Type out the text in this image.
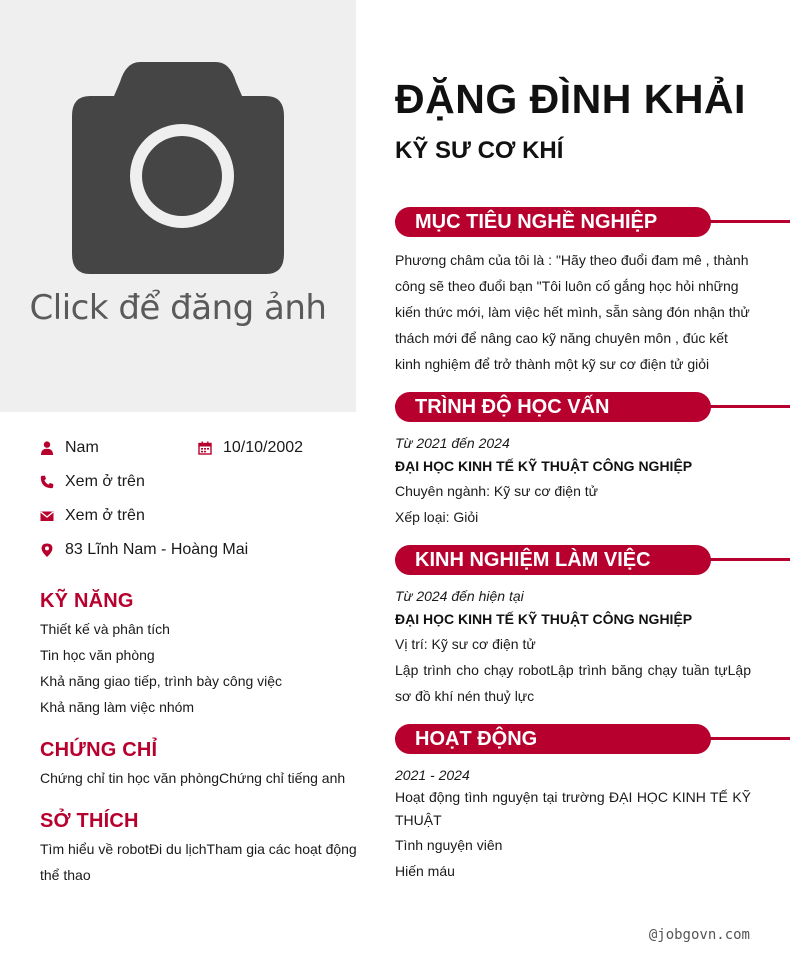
Click để đăng ảnh
Nam	10/10/2002
Xem ở trên
Xem ở trên
83 Lĩnh Nam - Hoàng Mai
KỸ NĂNG
Thiết kế và phân tích
Tin học văn phòng
Khả năng giao tiếp, trình bày công việc
Khả năng làm việc nhóm
CHỨNG CHỈ
Chứng chỉ tin học văn phòngChứng chỉ tiếng anh
SỞ THÍCH
Tìm hiểu về robotĐi du lịchTham gia các hoạt động thể thao
ĐẶNG ĐÌNH KHẢI
KỸ SƯ CƠ KHÍ
MỤC TIÊU NGHỀ NGHIỆP
Phương châm của tôi là : "Hãy theo đuổi đam mê , thành công sẽ theo đuổi bạn "Tôi luôn cố gắng học hỏi những kiến thức mới, làm việc hết mình, sẵn sàng đón nhận thử thách mới để nâng cao kỹ năng chuyên môn , đúc kết kinh nghiệm để trở thành một kỹ sư cơ điện tử giỏi
TRÌNH ĐỘ HỌC VẤN
Từ 2021 đến 2024
ĐẠI HỌC KINH TẾ KỸ THUẬT CÔNG NGHIỆP
Chuyên ngành: Kỹ sư cơ điện tử
Xếp loại: Giỏi
KINH NGHIỆM LÀM VIỆC
Từ 2024 đến hiện tại
ĐẠI HỌC KINH TẾ KỸ THUẬT CÔNG NGHIỆP
Vị trí: Kỹ sư cơ điện tử
Lập trình cho chạy robotLập trình băng chạy tuần tựLập sơ đồ khí nén thuỷ lực
HOẠT ĐỘNG
2021 - 2024
Hoạt động tình nguyện tại trường ĐẠI HỌC KINH TẾ KỸ THUẬT
Tình nguyện viên
Hiến máu
@jobgovn.com
